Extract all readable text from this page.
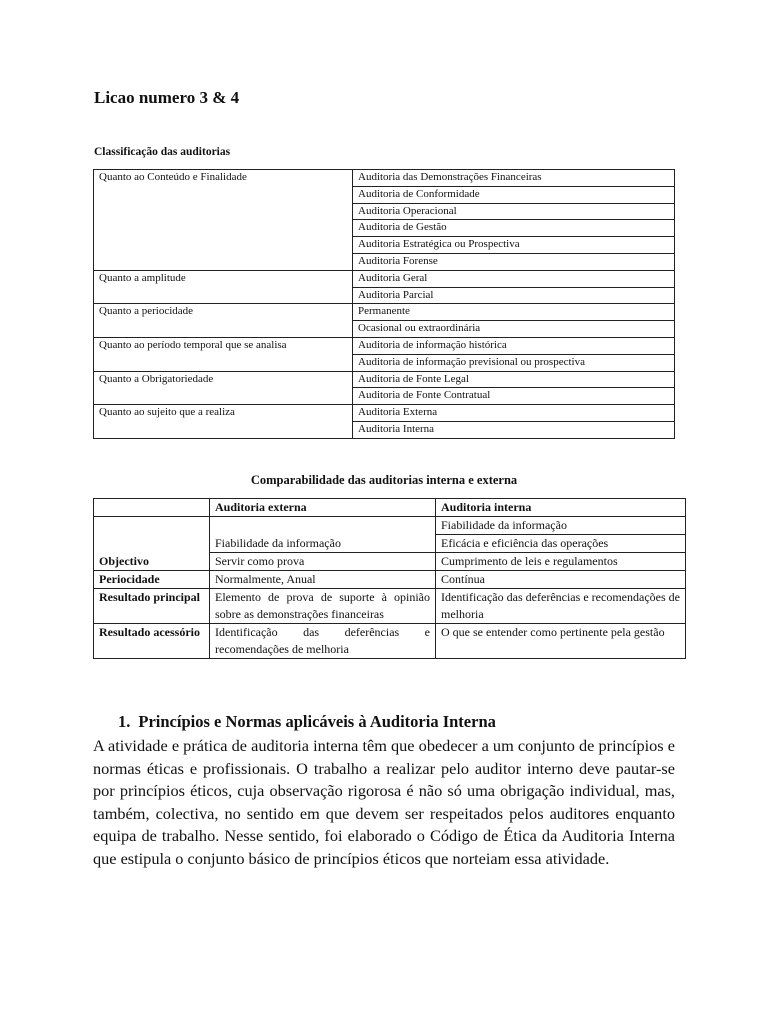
Licao numero 3 & 4

Classificação das auditorias

Quanto ao Conteúdo e Finalidade	Auditoria das Demonstrações Financeiras
	Auditoria de Conformidade
	Auditoria Operacional
	Auditoria de Gestão
	Auditoria Estratégica ou Prospectiva
	Auditoria Forense
Quanto a amplitude	Auditoria Geral
	Auditoria Parcial
Quanto a periocidade	Permanente
	Ocasional ou extraordinária
Quanto ao período temporal que se analisa	Auditoria de informação histórica
	Auditoria de informação previsional ou prospectiva
Quanto a Obrigatoriedade	Auditoria de Fonte Legal
	Auditoria de Fonte Contratual
Quanto ao sujeito que a realiza	Auditoria Externa
	Auditoria Interna

Comparabilidade das auditorias interna e externa

	Auditoria externa	Auditoria interna
Objectivo	Fiabilidade da informação	Fiabilidade da informação
		Eficácia e eficiência das operações
	Servir como prova	Cumprimento de leis e regulamentos
Periocidade	Normalmente, Anual	Contínua
Resultado principal	Elemento de prova de suporte à opinião sobre as demonstrações financeiras	Identificação das deferências e recomendações de melhoria
Resultado acessório	Identificação das deferências e recomendações de melhoria	O que se entender como pertinente pela gestão
1. Princípios e Normas aplicáveis à Auditoria Interna

A atividade e prática de auditoria interna têm que obedecer a um conjunto de princípios e normas éticas e profissionais. O trabalho a realizar pelo auditor interno deve pautar-se por princípios éticos, cuja observação rigorosa é não só uma obrigação individual, mas, também, colectiva, no sentido em que devem ser respeitados pelos auditores enquanto equipa de trabalho. Nesse sentido, foi elaborado o Código de Ética da Auditoria Interna que estipula o conjunto básico de princípios éticos que norteiam essa atividade.
